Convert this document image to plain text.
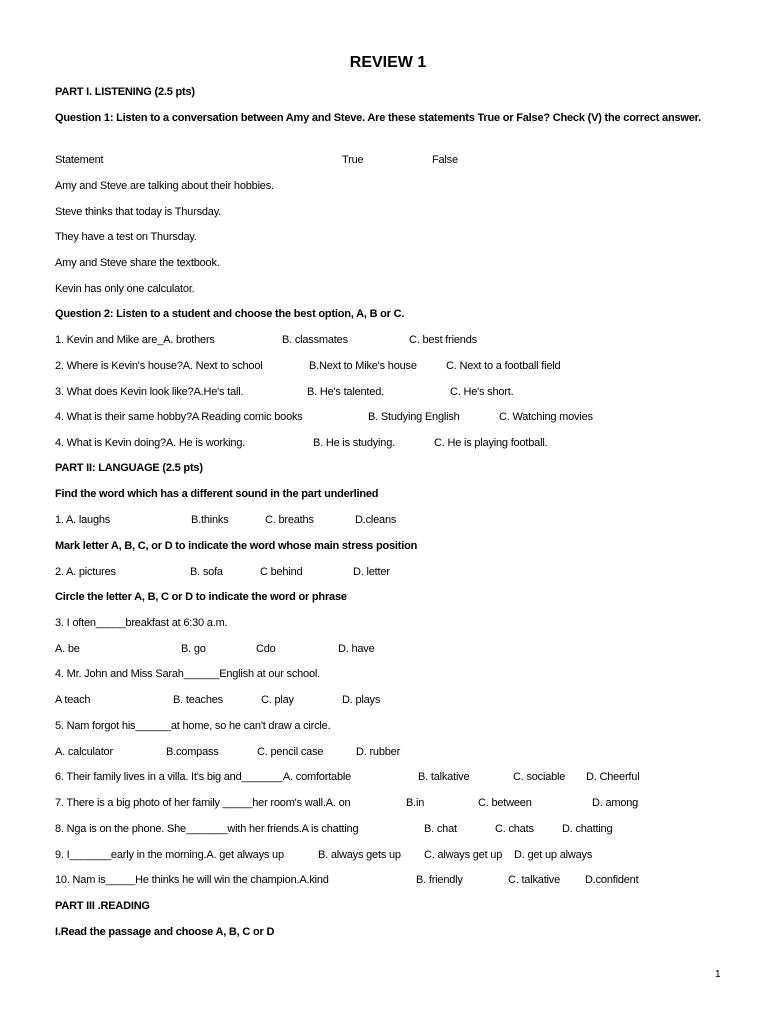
REVIEW 1
PART I. LISTENING (2.5 pts)
Question 1: Listen to a conversation between Amy and Steve. Are these statements True or False? Check (V) the correct answer.
Statement	True	False
Amy and Steve are talking about their hobbies.
Steve thinks that today is Thursday.
They have a test on Thursday.
Amy and Steve share the textbook.
Kevin has only one calculator.
Question 2: Listen to a student and choose the best option, A, B or C.
1. Kevin and Mike are_A. brothers	B. classmates	C. best friends
2. Where is Kevin's house?A. Next to school	B.Next to Mike's house	C. Next to a football field
3. What does Kevin look like?A.He's tall.	B. He's talented.	C. He's short.
4. What is their same hobby?A Reading comic books	B. Studying English	C. Watching movies
4. What is Kevin doing?A. He is working.	B. He is studying.	C. He is playing football.
PART II: LANGUAGE (2.5 pts)
Find the word which has a different sound in the part underlined
1. A. laughs	B.thinks	C. breaths	D.cleans
Mark letter A, B, C, or D to indicate the word whose main stress position
2. A. pictures	B. sofa	C behind	D. letter
Circle the letter A, B, C or D to indicate the word or phrase
3. I often_____breakfast at 6:30 a.m.
A. be	B. go	Cdo	D. have
4. Mr. John and Miss Sarah______English at our school.
A teach	B. teaches	C. play	D. plays
5. Nam forgot his______at home, so he can't draw a circle.
A. calculator	B.compass	C. pencil case	D. rubber
6. Their family lives in a villa. It's big and_______A. comfortable	B. talkative	C. sociable D. Cheerful
7. There is a big photo of her family _____her room's wall.A. on	B.in	C. between	D. among
8. Nga is on the phone. She_______with her friends.A is chatting	B. chat	C. chats	D. chatting
9. I_______early in the morning.A. get always up	B. always gets up C. always get up D. get up always
10. Nam is_____He thinks he will win the champion.A.kind	B. friendly	C. talkative D.confident
PART III .READING
I.Read the passage and choose A, B, C or D
1
